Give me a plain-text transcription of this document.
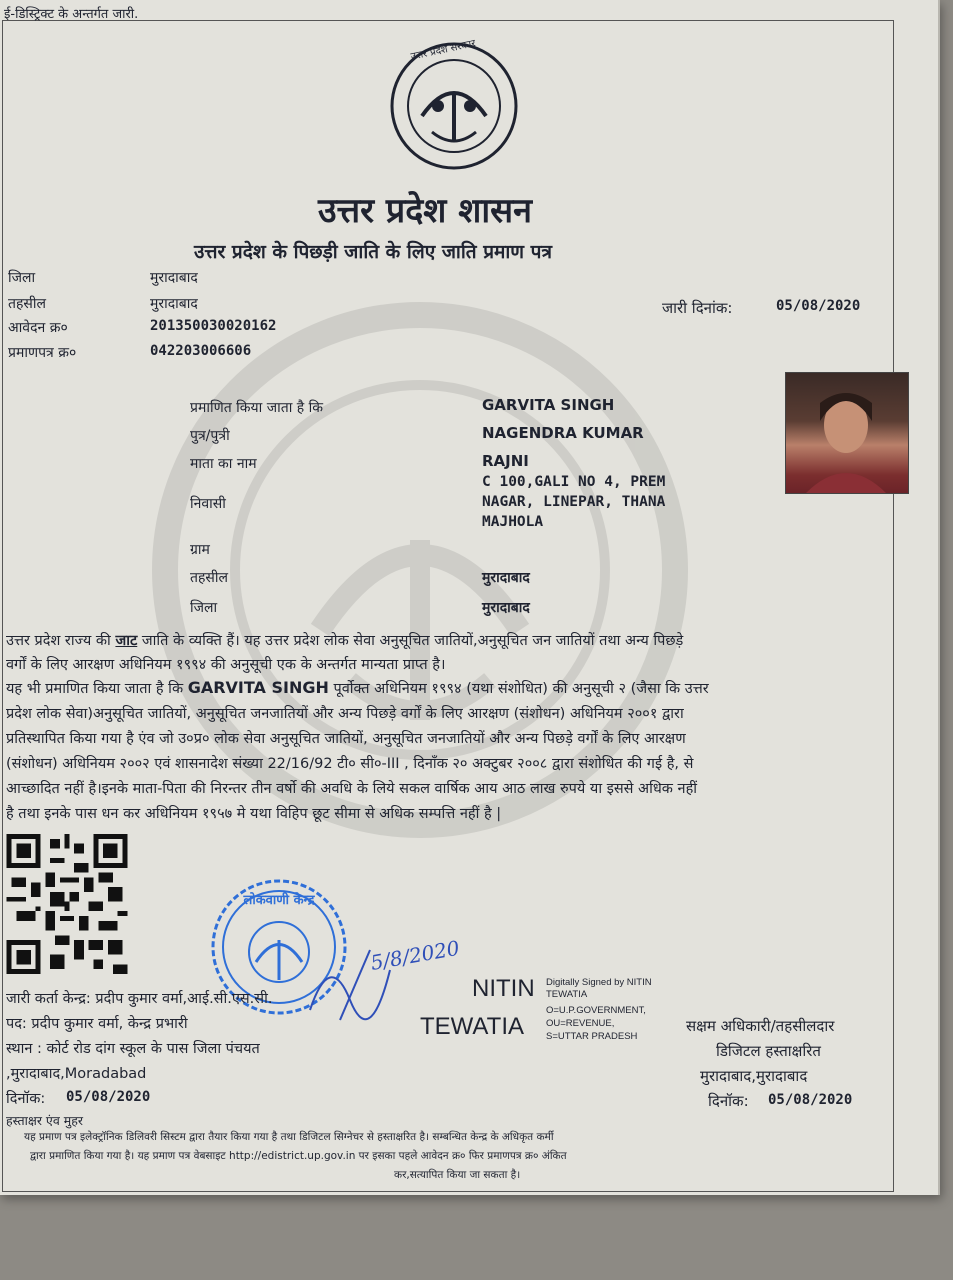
ई-डिस्ट्रिक्ट के अन्तर्गत जारी.
उत्तर प्रदेश सरकार
उत्तर प्रदेश शासन
उत्तर प्रदेश के पिछड़ी जाति के लिए जाति प्रमाण पत्र
जिला	मुरादाबाद
तहसील	मुरादाबाद
आवेदन क्र०	201350030020162
प्रमाणपत्र क्र०	042203006606
जारी दिनांक:	05/08/2020
प्रमाणित किया जाता है कि	GARVITA SINGH
पुत्र/पुत्री	NAGENDRA KUMAR
माता का नाम	RAJNI
निवासी
C 100,GALI NO 4, PREM
NAGAR, LINEPAR, THANA
MAJHOLA
ग्राम
तहसील	मुरादाबाद
जिला	मुरादाबाद
उत्तर प्रदेश राज्य की जाट जाति के व्यक्ति हैं। यह उत्तर प्रदेश लोक सेवा अनुसूचित जातियों,अनुसूचित जन जातियों तथा अन्य पिछड़े
वर्गों के लिए आरक्षण अधिनियम १९९४ की अनुसूची एक के अन्तर्गत मान्यता प्राप्त है।
यह भी प्रमाणित किया जाता है कि GARVITA SINGH पूर्वोक्त अधिनियम १९९४ (यथा संशोधित) की अनुसूची २ (जैसा कि उत्तर
प्रदेश लोक सेवा)अनुसूचित जातियों, अनुसूचित जनजातियों और अन्य पिछड़े वर्गों के लिए आरक्षण (संशोधन) अधिनियम २००१ द्वारा
प्रतिस्थापित किया गया है एंव जो उ०प्र० लोक सेवा अनुसूचित जातियों, अनुसूचित जनजातियों और अन्य पिछड़े वर्गों के लिए आरक्षण
(संशोधन) अधिनियम २००२ एवं शासनादेश संख्या 22/16/92 टी० सी०-III , दिनाँक २० अक्टुबर २००८ द्वारा संशोधित की गई है, से
आच्छादित नहीं है।इनके माता-पिता की निरन्तर तीन वर्षो की अवधि के लिये सकल वार्षिक आय आठ लाख रुपये या इससे अधिक नहीं
है तथा इनके पास धन कर अधिनियम १९५७ मे यथा विहिप छूट सीमा से अधिक सम्पत्ति नहीं है |
लोकवाणी केन्द्र
5/8/2020
जारी कर्ता केन्द्र: प्रदीप कुमार वर्मा,आई.सी.एस.सी.
पद: प्रदीप कुमार वर्मा, केन्द्र प्रभारी
स्थान : कोर्ट रोड दांग स्कूल के पास जिला पंचयत
,मुरादाबाद,Moradabad
दिनॉक: 05/08/2020
हस्ताक्षर एंव मुहर
NITIN
TEWATIA
Digitally Signed by NITIN
TEWATIA
O=U.P.GOVERNMENT,
OU=REVENUE,
S=UTTAR PRADESH
सक्षम अधिकारी/तहसीलदार
डिजिटल हस्ताक्षरित
मुरादाबाद,मुरादाबाद
दिनॉक: 05/08/2020
यह प्रमाण पत्र इलेक्ट्रॉनिक डिलिवरी सिस्टम द्वारा तैयार किया गया है तथा डिजिटल सिग्नेचर से हस्ताक्षरित है। सम्बन्धित केन्द्र के अधिकृत कर्मी
द्वारा प्रमाणित किया गया है। यह प्रमाण पत्र वेबसाइट http://edistrict.up.gov.in पर इसका पहले आवेदन क्र० फिर प्रमाणपत्र क्र० अंकित
कर,सत्यापित किया जा सकता है।
